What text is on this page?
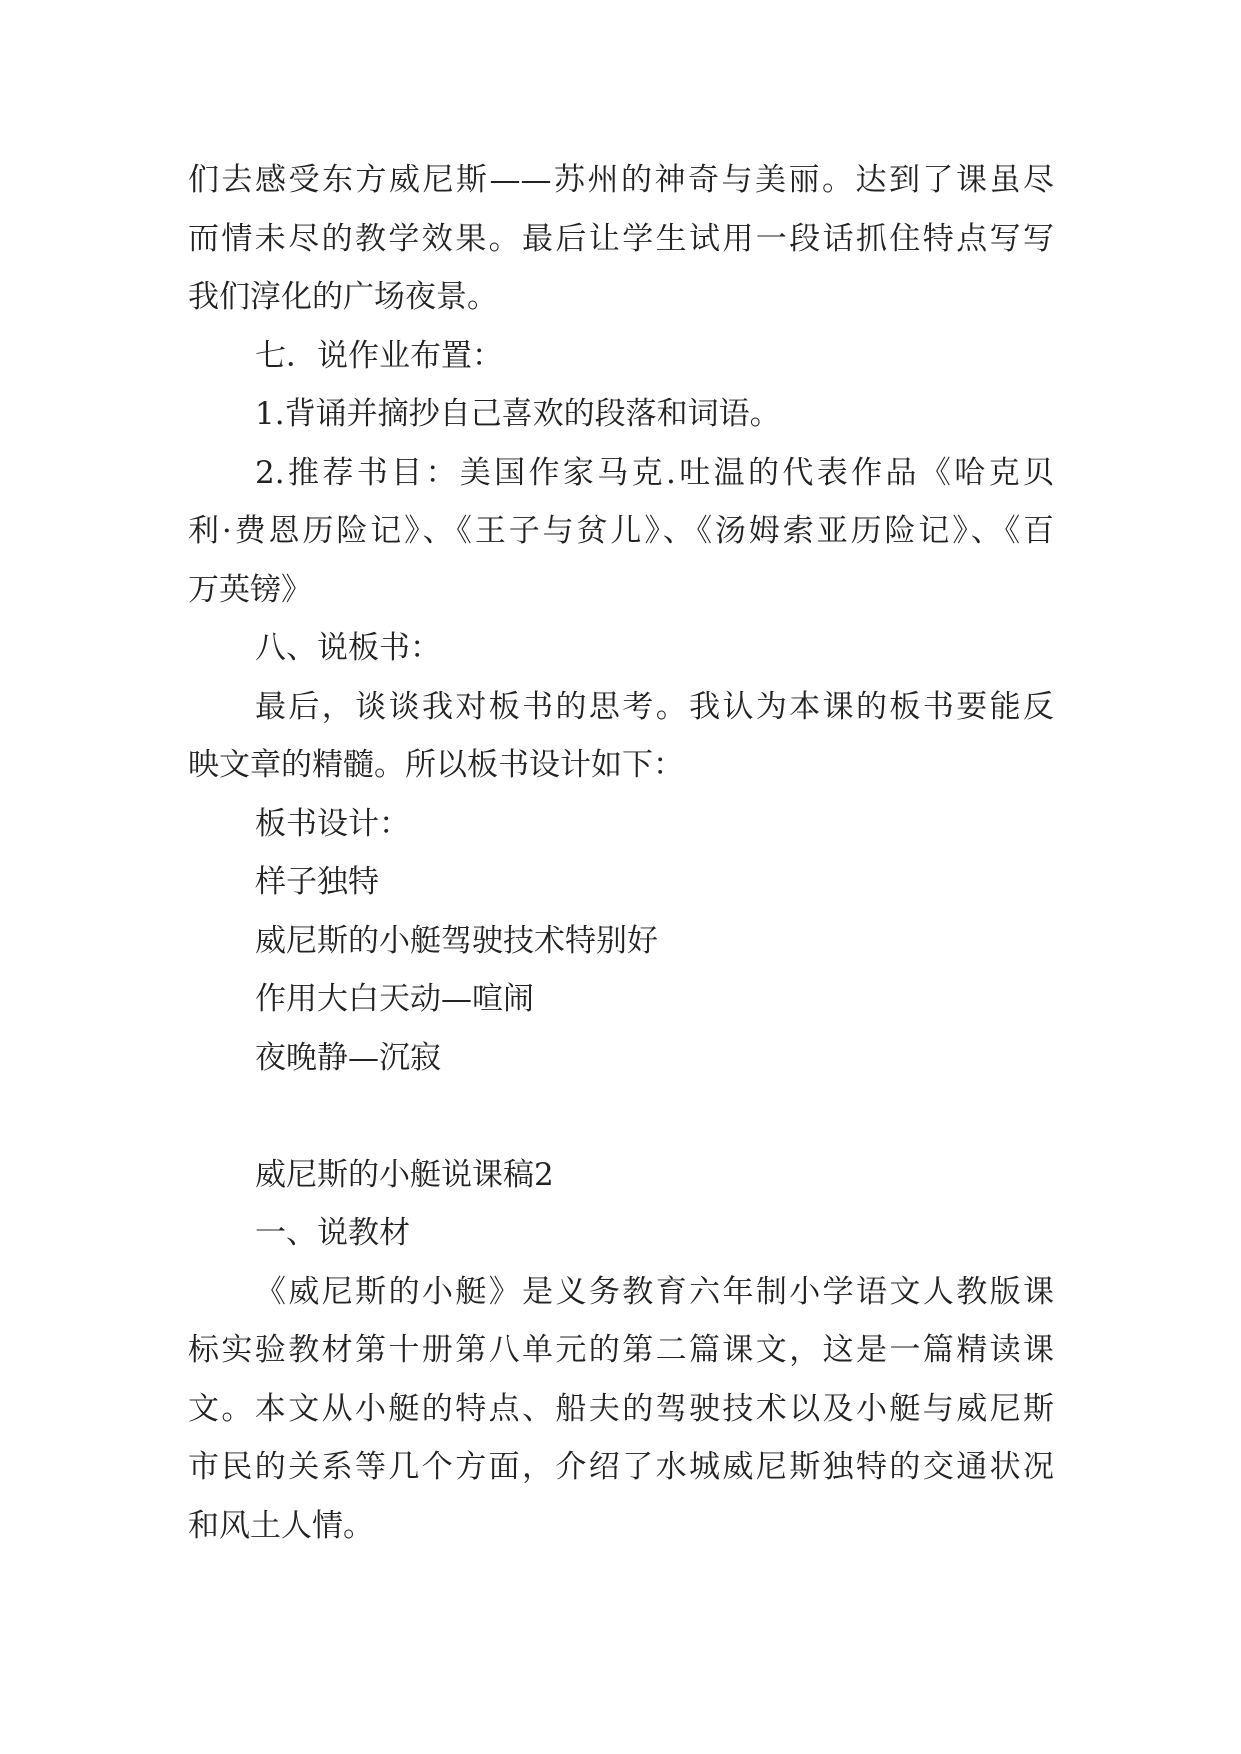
们去感受东方威尼斯——苏州的神奇与美丽。达到了课虽尽
而情未尽的教学效果。最后让学生试用一段话抓住特点写写
我们淳化的广场夜景。
七．说作业布置：
1.背诵并摘抄自己喜欢的段落和词语。
2.推荐书目：美国作家马克.吐温的代表作品《哈克贝
利·费恩历险记》、《王子与贫儿》、《汤姆索亚历险记》、《百
万英镑》
八、说板书：
最后，谈谈我对板书的思考。我认为本课的板书要能反
映文章的精髓。所以板书设计如下：
板书设计：
样子独特
威尼斯的小艇驾驶技术特别好
作用大白天动—喧闹
夜晚静—沉寂
威尼斯的小艇说课稿2
一、说教材
《威尼斯的小艇》是义务教育六年制小学语文人教版课
标实验教材第十册第八单元的第二篇课文，这是一篇精读课
文。本文从小艇的特点、船夫的驾驶技术以及小艇与威尼斯
市民的关系等几个方面，介绍了水城威尼斯独特的交通状况
和风土人情。
